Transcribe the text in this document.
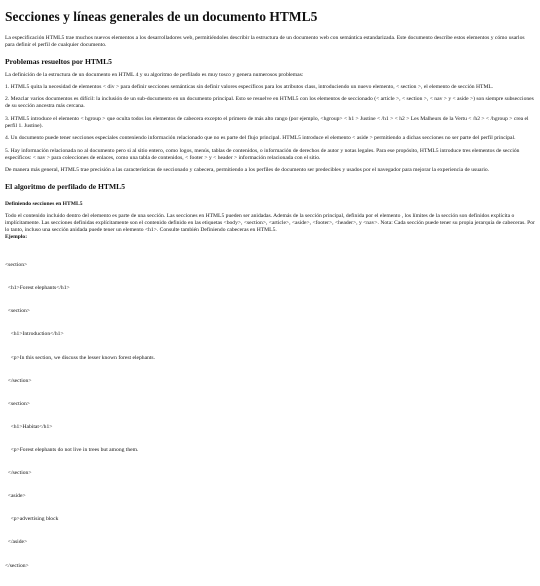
Secciones y líneas generales de un documento HTML5

La especificación HTML5 trae muchos nuevos elementos a los desarrolladores web, permitiéndoles describir la estructura de un documento web con semántica estandarizada. Este documento describe estos elementos y cómo usarlos para definir el perfil de cualquier documento.

Problemas resueltos por HTML5

La definición de la estructura de un documento en HTML 4 y su algoritmo de perfilado es muy tosco y genera numerosos problemas:

1. HTML5 quita la necesidad de elementos < div > para definir secciones semánticas sin definir valores específicos para los atributos class, introduciendo un nuevo elemento, < section >, el elemento de sección HTML.

2. Mezclar varios documentos es difícil: la inclusión de un sub-documento en un documento principal. Esto se resuelve en HTML5 con los elementos de seccionado (< article >, < section >, < nav > y < aside >) son siempre subsecciones de su sección ancestra más cercana.

3. HTML5 introduce el elemento < hgroup > que oculta todos los elementos de cabecera excepto el primero de más alto rango (por ejemplo, <hgroup> < h1 > Justine < /h1 > < h2 > Les Malheurs de la Vertu < /h2 > < /hgroup > crea el perfil 1. Justine).

4. Un documento puede tener secciones especiales conteniendo información relacionado que no es parte del flujo principal. HTML5 introduce el elemento < aside > permitiendo a dichas secciones no ser parte del perfil principal.

5. Hay información relacionada no al documento pero si al sitio entero, como logos, menús, tablas de contenidos, o información de derechos de autor y notas legales. Para ese propósito, HTML5 introduce tres elementos de sección específicos: < nav > para colecciones de enlaces, como una tabla de contenidos, < footer > y < header > información relacionada con el sitio.

De manera más general, HTML5 trae precisión a las características de seccionado y cabecera, permitiendo a los perfiles de documento ser predecibles y usados por el navegador para mejorar la experiencia de usuario.

El algoritmo de perfilado de HTML5
Definiendo secciones en HTML5

Todo el contenido incluido dentro del elemento es parte de una sección. Las secciones en HTML5 pueden ser anidadas. Además de la sección principal, definida por el elemento , los límites de la sección son definidos explícita o implícitamente. Las secciones definidas explícitamente son el contenido definido en las etiquetas <body>, <section>, <article>, <aside>, <footer>, <header>, y <nav>. Nota: Cada sección puede tener su propia jerarquía de cabeceras. Por lo tanto, incluso una sección anidada puede tener un elemento <h1>. Consulte también Definiendo cabeceras en HTML5.

Ejemplo:

<section>

<h1>Forest elephants</h1>

<section>

<h1>Introduction</h1>

<p>In this section, we discuss the lesser known forest elephants.

</section>

<section>

<h1>Habitat</h1>

<p>Forest elephants do not live in trees but among them.

</section>

<aside>

<p>advertising block

</aside>

</section>
